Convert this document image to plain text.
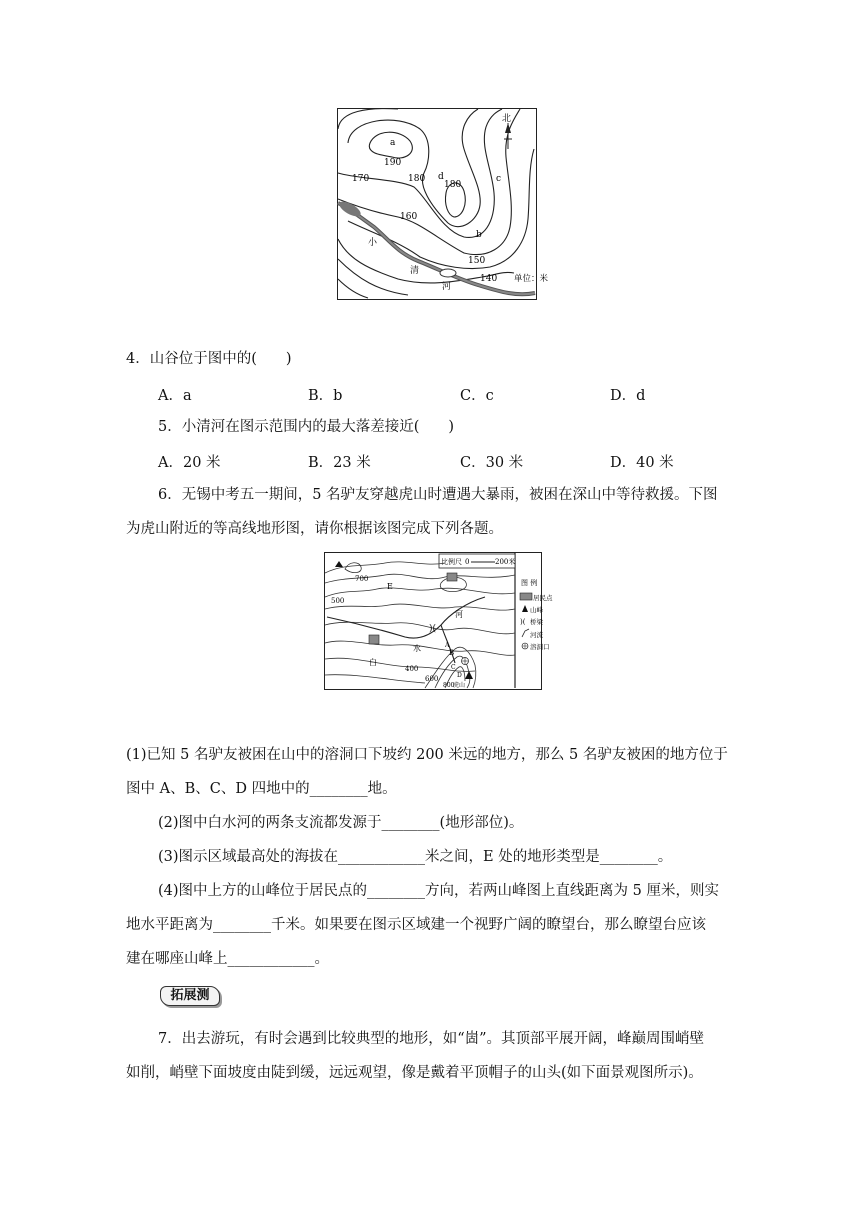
北
a
190
170	180 d
180
c
160
b
150
140 单位：米
小
清
河
4．山谷位于图中的(　　)
A．a	B．b	C．c	D．d
5．小清河在图示范围内的最大落差接近(　　)
A．20 米	B．23 米	C．30 米	D．40 米
6．无锡中考五一期间，5 名驴友穿越虎山时遭遇大暴雨，被困在深山中等待救援。下图
为虎山附近的等高线地形图，请你根据该图完成下列各题。
比例尺 0	200米
)(
E
700
500
河
水
白
400
600
800
A
B
C
D
虎山
图 例
居民点
山峰
)( 桥梁
河流
溶洞口
(1)已知 5 名驴友被困在山中的溶洞口下坡约 200 米远的地方，那么 5 名驴友被困的地方位于
图中 A、B、C、D 四地中的________地。
(2)图中白水河的两条支流都发源于________(地形部位)。
(3)图示区域最高处的海拔在____________米之间，E 处的地形类型是________。
(4)图中上方的山峰位于居民点的________方向，若两山峰图上直线距离为 5 厘米，则实
地水平距离为________千米。如果要在图示区域建一个视野广阔的瞭望台，那么瞭望台应该
建在哪座山峰上____________。
拓展测
7．出去游玩，有时会遇到比较典型的地形，如“崮”。其顶部平展开阔，峰巅周围峭壁
如削，峭壁下面坡度由陡到缓，远远观望，像是戴着平顶帽子的山头(如下面景观图所示)。
